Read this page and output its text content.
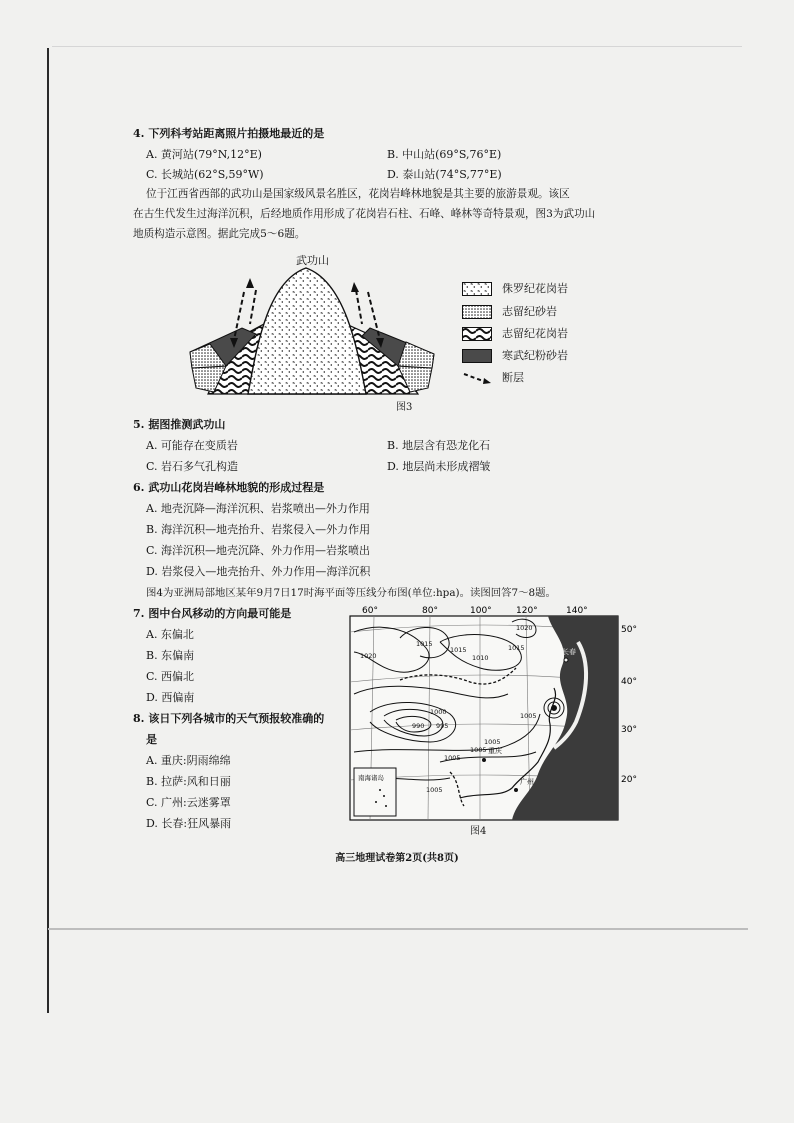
4. 下列科考站距离照片拍摄地最近的是
A. 黄河站(79°N,12°E)	B. 中山站(69°S,76°E)
C. 长城站(62°S,59°W)	D. 泰山站(74°S,77°E)
位于江西省西部的武功山是国家级风景名胜区，花岗岩峰林地貌是其主要的旅游景观。该区
在古生代发生过海洋沉积，后经地质作用形成了花岗岩石柱、石峰、峰林等奇特景观，图3为武功山
地质构造示意图。据此完成5～6题。
武功山
图3
侏罗纪花岗岩
志留纪砂岩
志留纪花岗岩
寒武纪粉砂岩
断层
5. 据图推测武功山
A. 可能存在变质岩	B. 地层含有恐龙化石
C. 岩石多气孔构造	D. 地层尚未形成褶皱
6. 武功山花岗岩峰林地貌的形成过程是
A. 地壳沉降—海洋沉积、岩浆喷出—外力作用
B. 海洋沉积—地壳抬升、岩浆侵入—外力作用
C. 海洋沉积—地壳沉降、外力作用—岩浆喷出
D. 岩浆侵入—地壳抬升、外力作用—海洋沉积
图4为亚洲局部地区某年9月7日17时海平面等压线分布图(单位:hpa)。读图回答7～8题。
7. 图中台风移动的方向最可能是
A. 东偏北
B. 东偏南
C. 西偏北
D. 西偏南
8. 该日下列各城市的天气预报较准确的
是
A. 重庆:阴雨绵绵
B. 拉萨:风和日丽
C. 广州:云迷雾罩
D. 长春:狂风暴雨
60°	80°	100°	120°	140°
50°
40°
30°
20°
1020
1015
1015
1010
1015
1020
1000
995
990
1005
1005
1005
1005
1005 重庆
广州
长春
南海诸岛
图4
高三地理试卷第2页(共8页)
